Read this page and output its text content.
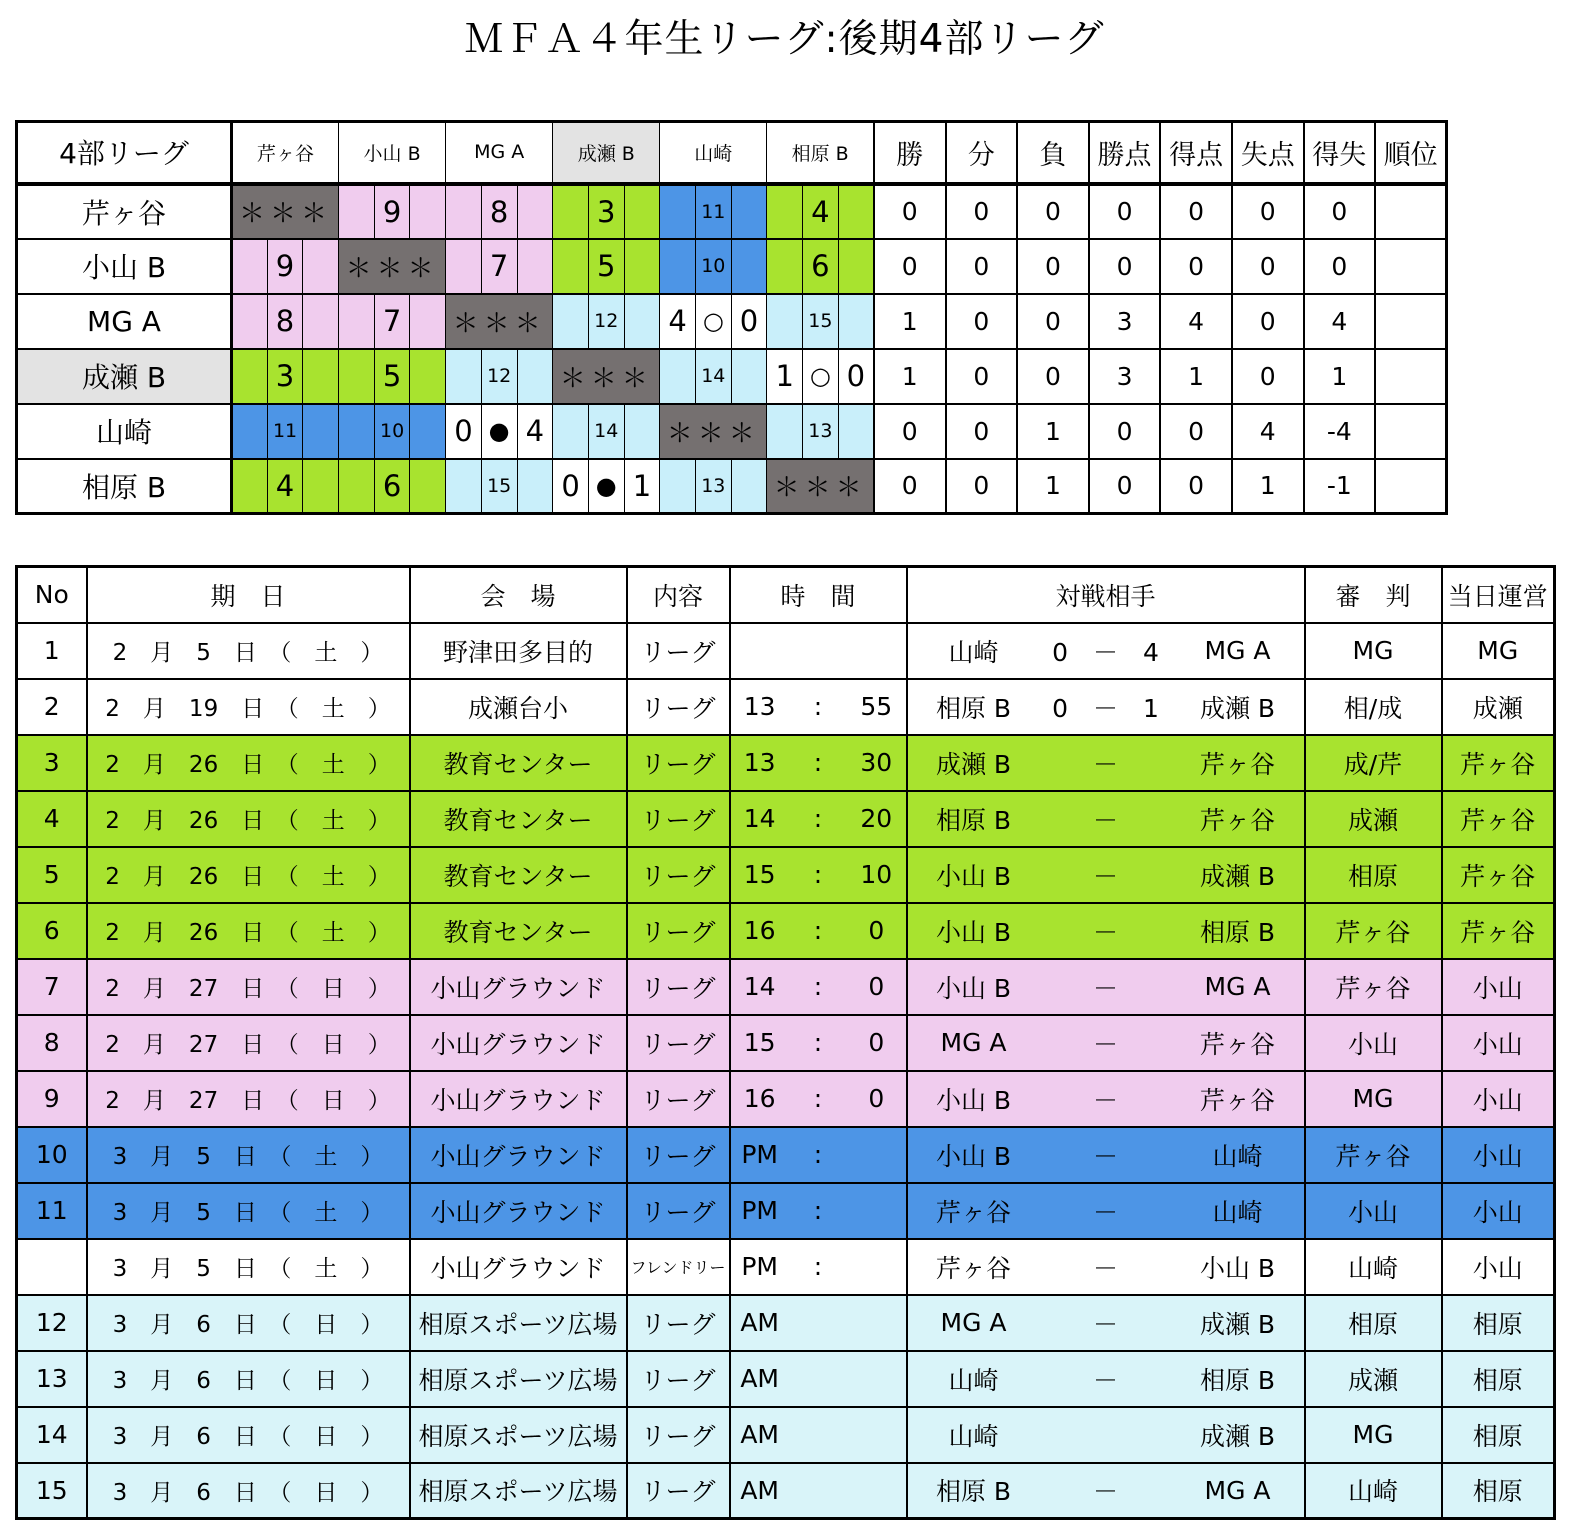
ＭＦＡ４年生リーグ:後期4部リーグ
4部リーグ	芹ヶ谷			小山 B			MG A			成瀬 B			山崎			相原 B			勝	分	負	勝点	得点	失点	得失	順位
芹ヶ谷	＊＊＊				9			8			3			11			4		0	0	0	0	0	0	0	
小山 B		9		＊＊＊				7			5			10			6		0	0	0	0	0	0	0	
MG A		8			7		＊＊＊				12		4	○	0		15		1	0	0	3	4	0	4	
成瀬 B		3			5			12		＊＊＊				14		1	○	0	1	0	0	3	1	0	1	
山崎		11			10		0	●	4		14		＊＊＊				13		0	0	1	0	0	4	-4	
相原 B		4			6			15		0	●	1		13		＊＊＊			0	0	1	0	0	1	-1	
No	期　日	会　場	内容	時　間	対戦相手	審　判	当日運営
1	2　月　5　日　（　土　）	野津田多目的	リーグ		山崎 0　－　4 MG A	MG	MG
2	2　月　19　日　（　土　）	成瀬台小	リーグ	13 : 55	相原 B 0　－　1 成瀬 B	相/成	成瀬
3	2　月　26　日　（　土　）	教育センター	リーグ	13 : 30	成瀬 B － 芹ヶ谷	成/芹	芹ヶ谷
4	2　月　26　日　（　土　）	教育センター	リーグ	14 : 20	相原 B － 芹ヶ谷	成瀬	芹ヶ谷
5	2　月　26　日　（　土　）	教育センター	リーグ	15 : 10	小山 B － 成瀬 B	相原	芹ヶ谷
6	2　月　26　日　（　土　）	教育センター	リーグ	16 : 0	小山 B － 相原 B	芹ヶ谷	芹ヶ谷
7	2　月　27　日　（　日　）	小山グラウンド	リーグ	14 : 0	小山 B － MG A	芹ヶ谷	小山
8	2　月　27　日　（　日　）	小山グラウンド	リーグ	15 : 0	MG A － 芹ヶ谷	小山	小山
9	2　月　27　日　（　日　）	小山グラウンド	リーグ	16 : 0	小山 B － 芹ヶ谷	MG	小山
10	3　月　5　日　（　土　）	小山グラウンド	リーグ	PM :	小山 B － 山崎	芹ヶ谷	小山
11	3　月　5　日　（　土　）	小山グラウンド	リーグ	PM :	芹ヶ谷 － 山崎	小山	小山
	3　月　5　日　（　土　）	小山グラウンド	フレンドリー	PM :	芹ヶ谷 － 小山 B	山崎	小山
12	3　月　6　日　（　日　）	相原スポーツ広場	リーグ	AM	MG A － 成瀬 B	相原	相原
13	3　月　6　日　（　日　）	相原スポーツ広場	リーグ	AM	山崎 － 相原 B	成瀬	相原
14	3　月　6　日　（　日　）	相原スポーツ広場	リーグ	AM	山崎 成瀬 B	MG	相原
15	3　月　6　日　（　日　）	相原スポーツ広場	リーグ	AM	相原 B － MG A	山崎	相原
